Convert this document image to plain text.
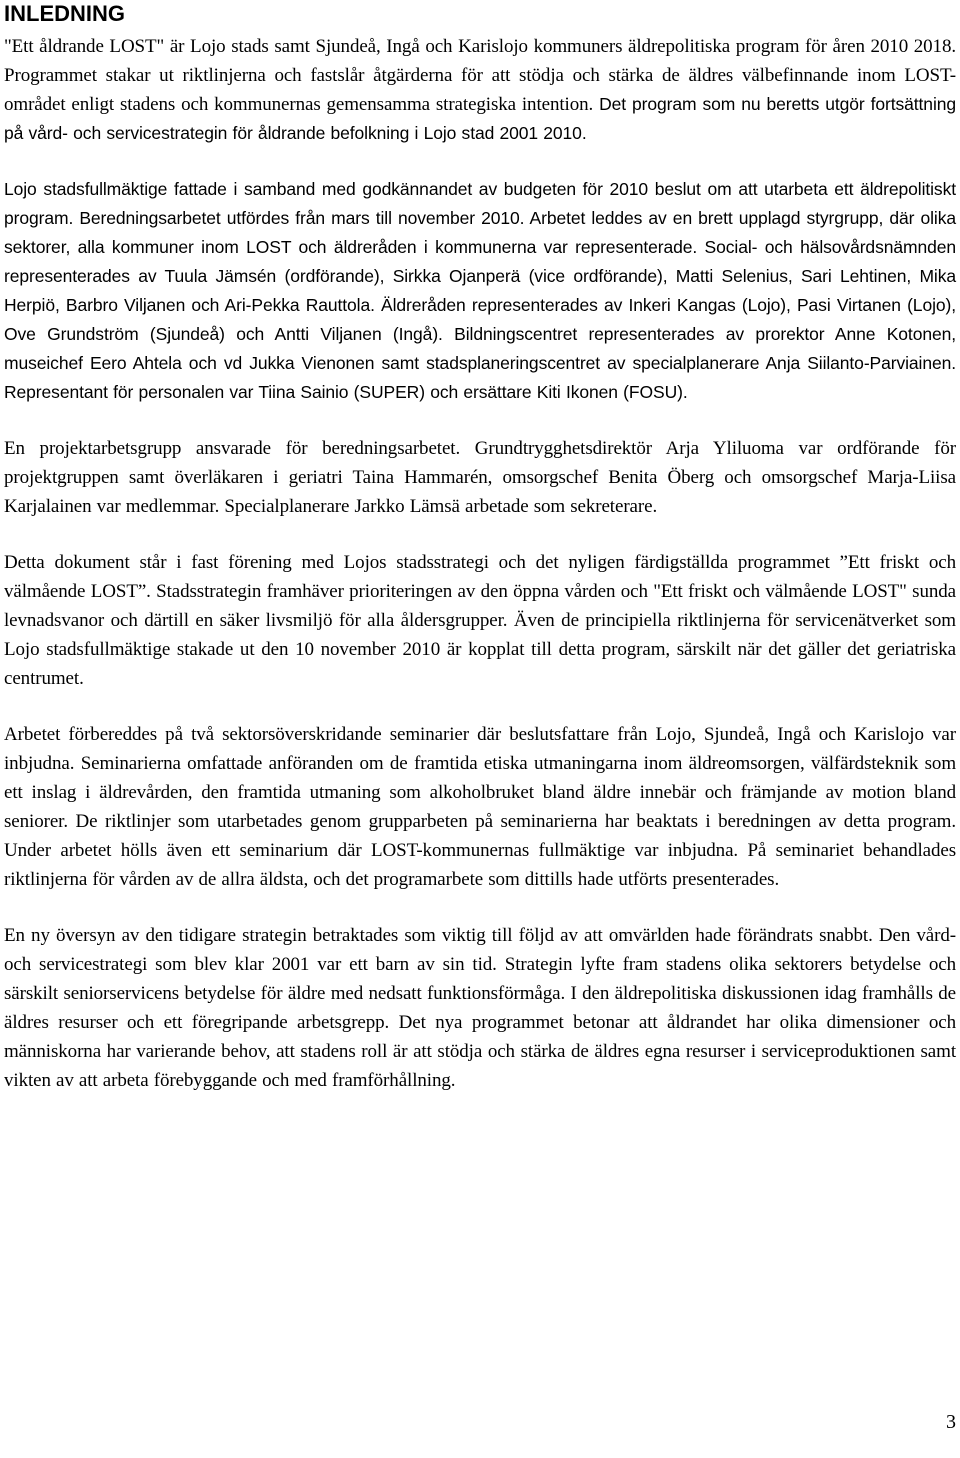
INLEDNING

"Ett åldrande LOST" är Lojo stads samt Sjundeå, Ingå och Karislojo kommuners äldrepolitiska program för åren 2010 2018. Programmet stakar ut riktlinjerna och fastslår åtgärderna för att stödja och stärka de äldres välbefinnande inom LOST-området enligt stadens och kommunernas gemensamma strategiska intention. Det program som nu beretts utgör fortsättning på vård- och servicestrategin för åldrande befolkning i Lojo stad 2001 2010.

Lojo stadsfullmäktige fattade i samband med godkännandet av budgeten för 2010 beslut om att utarbeta ett äldrepolitiskt program. Beredningsarbetet utfördes från mars till november 2010. Arbetet leddes av en brett upplagd styrgrupp, där olika sektorer, alla kommuner inom LOST och äldreråden i kommunerna var representerade. Social- och hälsovårdsnämnden representerades av Tuula Jämsén (ordförande), Sirkka Ojanperä (vice ordförande), Matti Selenius, Sari Lehtinen, Mika Herpiö, Barbro Viljanen och Ari-Pekka Rauttola. Äldreråden representerades av Inkeri Kangas (Lojo), Pasi Virtanen (Lojo), Ove Grundström (Sjundeå) och Antti Viljanen (Ingå). Bildningscentret representerades av prorektor Anne Kotonen, museichef Eero Ahtela och vd Jukka Vienonen samt stadsplaneringscentret av specialplanerare Anja Siilanto-Parviainen. Representant för personalen var Tiina Sainio (SUPER) och ersättare Kiti Ikonen (FOSU).

En projektarbetsgrupp ansvarade för beredningsarbetet. Grundtrygghetsdirektör Arja Yliluoma var ordförande för projektgruppen samt överläkaren i geriatri Taina Hammarén, omsorgschef Benita Öberg och omsorgschef Marja-Liisa Karjalainen var medlemmar. Specialplanerare Jarkko Lämsä arbetade som sekreterare.

Detta dokument står i fast förening med Lojos stadsstrategi och det nyligen färdigställda programmet ”Ett friskt och välmående LOST”. Stadsstrategin framhäver prioriteringen av den öppna vården och "Ett friskt och välmående LOST" sunda levnadsvanor och därtill en säker livsmiljö för alla åldersgrupper. Även de principiella riktlinjerna för servicenätverket som Lojo stadsfullmäktige stakade ut den 10 november 2010 är kopplat till detta program, särskilt när det gäller det geriatriska centrumet.

Arbetet förbereddes på två sektorsöverskridande seminarier där beslutsfattare från Lojo, Sjundeå, Ingå och Karislojo var inbjudna. Seminarierna omfattade anföranden om de framtida etiska utmaningarna inom äldreomsorgen, välfärdsteknik som ett inslag i äldrevården, den framtida utmaning som alkoholbruket bland äldre innebär och främjande av motion bland seniorer. De riktlinjer som utarbetades genom grupparbeten på seminarierna har beaktats i beredningen av detta program. Under arbetet hölls även ett seminarium där LOST-kommunernas fullmäktige var inbjudna. På seminariet behandlades riktlinjerna för vården av de allra äldsta, och det programarbete som dittills hade utförts presenterades.

En ny översyn av den tidigare strategin betraktades som viktig till följd av att omvärlden hade förändrats snabbt. Den vård- och servicestrategi som blev klar 2001 var ett barn av sin tid. Strategin lyfte fram stadens olika sektorers betydelse och särskilt seniorservicens betydelse för äldre med nedsatt funktionsförmåga. I den äldrepolitiska diskussionen idag framhålls de äldres resurser och ett föregripande arbetsgrepp. Det nya programmet betonar att åldrandet har olika dimensioner och människorna har varierande behov, att stadens roll är att stödja och stärka de äldres egna resurser i serviceproduktionen samt vikten av att arbeta förebyggande och med framförhållning.

3
